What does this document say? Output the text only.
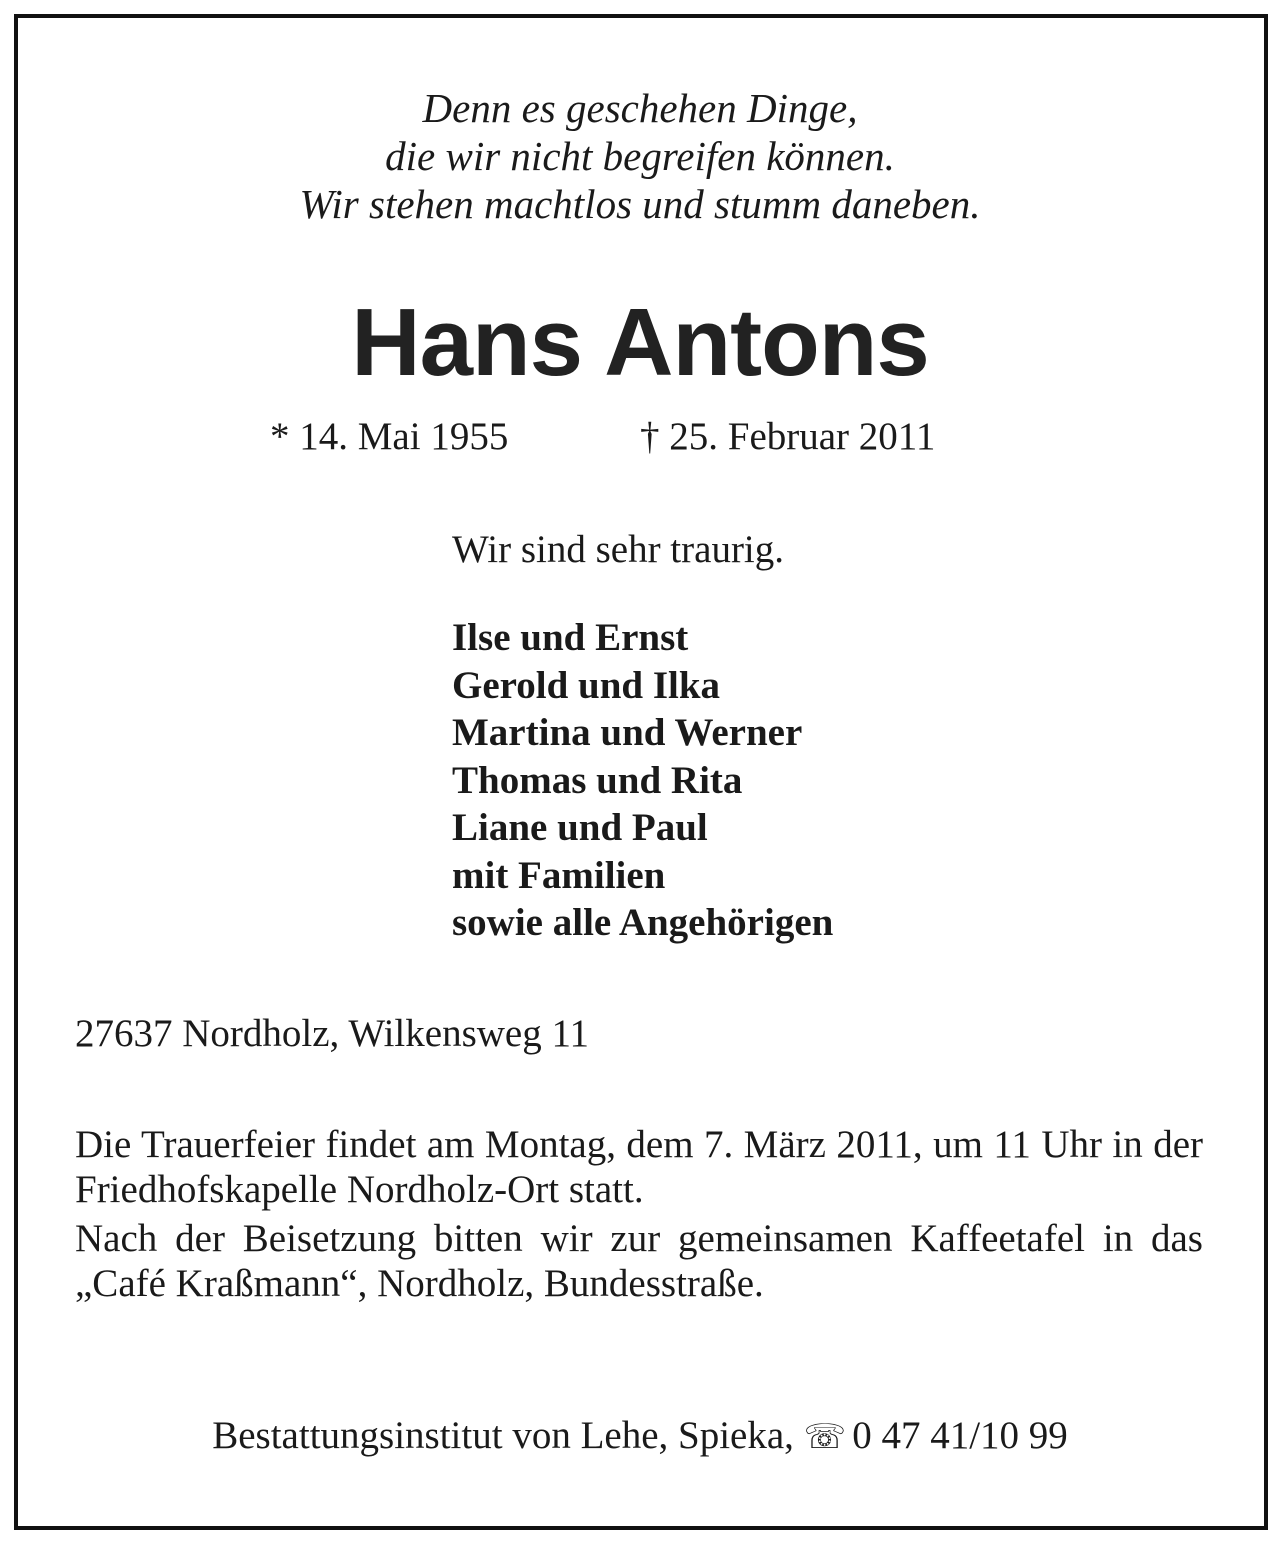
Denn es geschehen Dinge,
die wir nicht begreifen können.
Wir stehen machtlos und stumm daneben.
Hans Antons
* 14. Mai 1955	† 25. Februar 2011
Wir sind sehr traurig.
Ilse und Ernst
Gerold und Ilka
Martina und Werner
Thomas und Rita
Liane und Paul
mit Familien
sowie alle Angehörigen
27637 Nordholz, Wilkensweg 11
Die Trauerfeier findet am Montag, dem 7. März 2011, um 11 Uhr in der Friedhofskapelle Nordholz-Ort statt.
Nach der Beisetzung bitten wir zur gemeinsamen Kaffeetafel in das „Café Kraßmann“, Nordholz, Bundesstraße.
Bestattungsinstitut von Lehe, Spieka, ☏ 0 47 41/10 99
